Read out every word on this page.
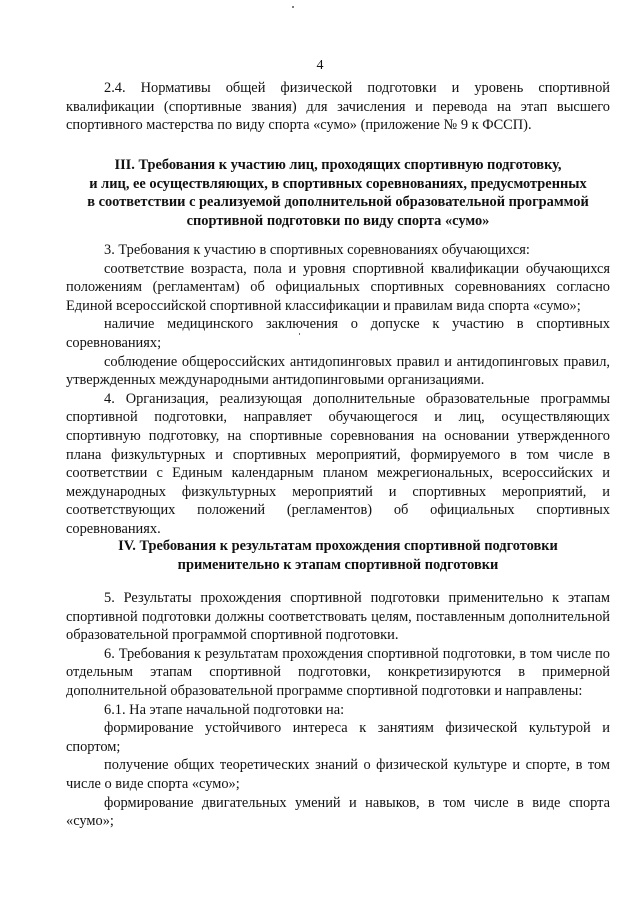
4

2.4. Нормативы общей физической подготовки и уровень спортивной квалификации (спортивные звания) для зачисления и перевода на этап высшего спортивного мастерства по виду спорта «сумо» (приложение № 9 к ФССП).

III. Требования к участию лиц, проходящих спортивную подготовку,

и лиц, ее осуществляющих, в спортивных соревнованиях, предусмотренных

в соответствии с реализуемой дополнительной образовательной программой

спортивной подготовки по виду спорта «сумо»

3. Требования к участию в спортивных соревнованиях обучающихся:

соответствие возраста, пола и уровня спортивной квалификации обучающихся положениям (регламентам) об официальных спортивных соревнованиях согласно Единой всероссийской спортивной классификации и правилам вида спорта «сумо»;

наличие медицинского заключения о допуске к участию в спортивных соревнованиях;

соблюдение общероссийских антидопинговых правил и антидопинговых правил, утвержденных международными антидопинговыми организациями.

4. Организация, реализующая дополнительные образовательные программы спортивной подготовки, направляет обучающегося и лиц, осуществляющих спортивную подготовку, на спортивные соревнования на основании утвержденного плана физкультурных и спортивных мероприятий, формируемого в том числе в соответствии с Единым календарным планом межрегиональных, всероссийских и международных физкультурных мероприятий и спортивных мероприятий, и соответствующих положений (регламентов) об официальных спортивных соревнованиях.

IV. Требования к результатам прохождения спортивной подготовки

применительно к этапам спортивной подготовки

5. Результаты прохождения спортивной подготовки применительно к этапам спортивной подготовки должны соответствовать целям, поставленным дополнительной образовательной программой спортивной подготовки.

6. Требования к результатам прохождения спортивной подготовки, в том числе по отдельным этапам спортивной подготовки, конкретизируются в примерной дополнительной образовательной программе спортивной подготовки и направлены:

6.1. На этапе начальной подготовки на:

формирование устойчивого интереса к занятиям физической культурой и спортом;

получение общих теоретических знаний о физической культуре и спорте, в том числе о виде спорта «сумо»;

формирование двигательных умений и навыков, в том числе в виде спорта «сумо»;
